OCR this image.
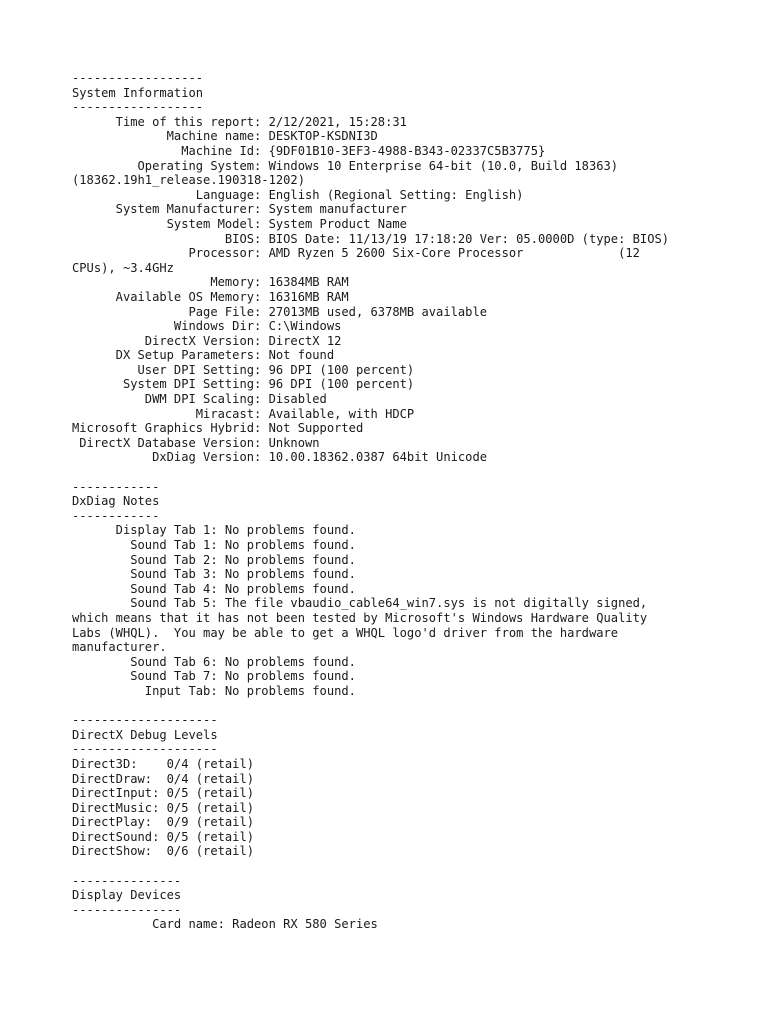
------------------
System Information
------------------
Time of this report: 2/12/2021, 15:28:31
Machine name: DESKTOP-KSDNI3D
Machine Id: {9DF01B10-3EF3-4988-B343-02337C5B3775}
Operating System: Windows 10 Enterprise 64-bit (10.0, Build 18363)
(18362.19h1_release.190318-1202)
Language: English (Regional Setting: English)
System Manufacturer: System manufacturer
System Model: System Product Name
BIOS: BIOS Date: 11/13/19 17:18:20 Ver: 05.0000D (type: BIOS)
Processor: AMD Ryzen 5 2600 Six-Core Processor             (12
CPUs), ~3.4GHz
Memory: 16384MB RAM
Available OS Memory: 16316MB RAM
Page File: 27013MB used, 6378MB available
Windows Dir: C:\Windows
DirectX Version: DirectX 12
DX Setup Parameters: Not found
User DPI Setting: 96 DPI (100 percent)
System DPI Setting: 96 DPI (100 percent)
DWM DPI Scaling: Disabled
Miracast: Available, with HDCP
Microsoft Graphics Hybrid: Not Supported
DirectX Database Version: Unknown
DxDiag Version: 10.00.18362.0387 64bit Unicode

------------
DxDiag Notes
------------
Display Tab 1: No problems found.
Sound Tab 1: No problems found.
Sound Tab 2: No problems found.
Sound Tab 3: No problems found.
Sound Tab 4: No problems found.
Sound Tab 5: The file vbaudio_cable64_win7.sys is not digitally signed,
which means that it has not been tested by Microsoft's Windows Hardware Quality
Labs (WHQL).  You may be able to get a WHQL logo'd driver from the hardware
manufacturer.
Sound Tab 6: No problems found.
Sound Tab 7: No problems found.
Input Tab: No problems found.

--------------------
DirectX Debug Levels
--------------------
Direct3D:    0/4 (retail)
DirectDraw:  0/4 (retail)
DirectInput: 0/5 (retail)
DirectMusic: 0/5 (retail)
DirectPlay:  0/9 (retail)
DirectSound: 0/5 (retail)
DirectShow:  0/6 (retail)

---------------
Display Devices
---------------
Card name: Radeon RX 580 Series
